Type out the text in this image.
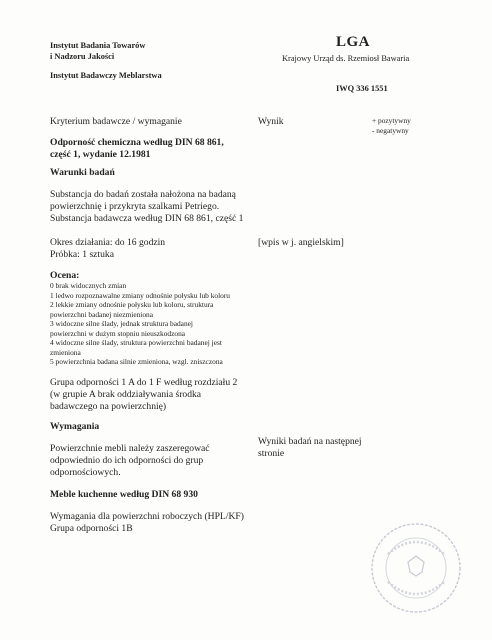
Instytut Badania Towarów
i Nadzoru Jakości
Instytut Badawczy Meblarstwa
LGA
Krajowy Urząd ds. Rzemiosł Bawaria
IWQ 336 1551
Kryterium badawcze / wymaganie	Wynik	+ pozytywny
- negatywny
Odporność chemiczna według DIN 68 861,
część 1, wydanie 12.1981
Warunki badań
Substancja do badań została nałożona na badaną
powierzchnię i przykryta szalkami Petriego.
Substancja badawcza według DIN 68 861, część 1
Okres działania: do 16 godzin
Próbka: 1 sztuka
[wpis w j. angielskim]
Ocena:
0 brak widocznych zmian
1 ledwo rozpoznawalne zmiany odnośnie połysku lub koloru
2 lekkie zmiany odnośnie połysku lub koloru, struktura
powierzchni badanej niezmieniona
3 widoczne silne ślady, jednak struktura badanej
powierzchni w dużym stopniu nieuszkodzona
4 widoczne silne ślady, struktura powierzchni badanej jest
zmieniona
5 powierzchnia badana silnie zmieniona, wzgl. zniszczona
Grupa odporności 1 A do 1 F według rozdziału 2
(w grupie A brak oddziaływania środka
badawczego na powierzchnię)
Wymagania
Powierzchnie mebli należy zaszeregować
odpowiednio do ich odporności do grup
odpornościowych.
Wyniki badań na następnej
stronie
Meble kuchenne według DIN 68 930
Wymagania dla powierzchni roboczych (HPL/KF)
Grupa odporności 1B
